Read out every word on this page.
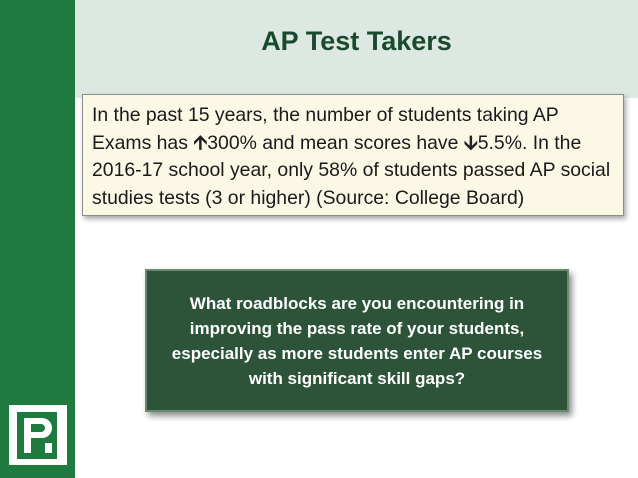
AP Test Takers
In the past 15 years, the number of students taking AP Exams has 🡩300% and mean scores have 🡫5.5%. In the 2016-17 school year, only 58% of students passed AP social studies tests (3 or higher) (Source: College Board)
What roadblocks are you encountering in improving the pass rate of your students, especially as more students enter AP courses with significant skill gaps?
